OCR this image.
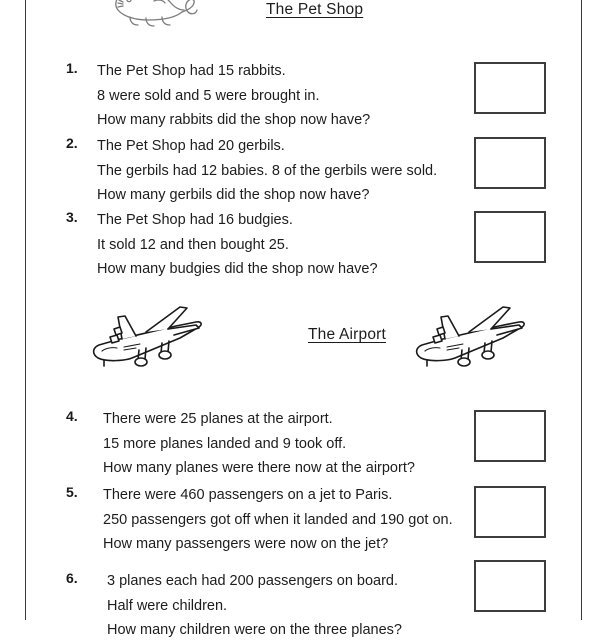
The Pet Shop
1. The Pet Shop had 15 rabbits.
8 were sold and 5 were brought in.
How many rabbits did the shop now have?
2. The Pet Shop had 20 gerbils.
The gerbils had 12 babies. 8 of the gerbils were sold.
How many gerbils did the shop now have?
3. The Pet Shop had 16 budgies.
It sold 12 and then bought 25.
How many budgies did the shop now have?
The Airport
4. There were 25 planes at the airport.
15 more planes landed and 9 took off.
How many planes were there now at the airport?
5. There were 460 passengers on a jet to Paris.
250 passengers got off when it landed and 190 got on.
How many passengers were now on the jet?
6. 3 planes each had 200 passengers on board.
Half were children.
How many children were on the three planes?
